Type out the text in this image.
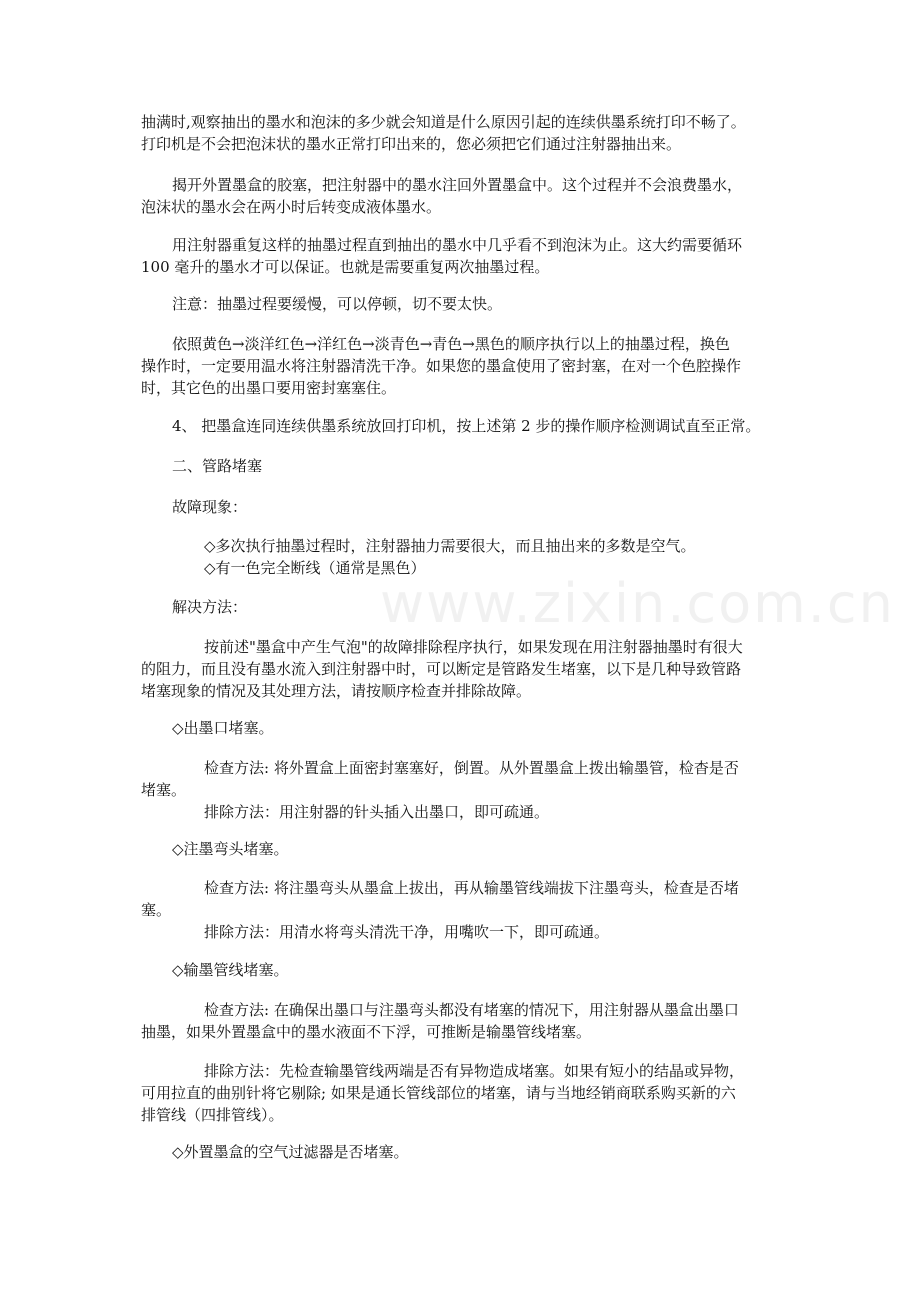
www.zixin.com.cn
抽满时,观察抽出的墨水和泡沫的多少就会知道是什么原因引起的连续供墨系统打印不畅了。
打印机是不会把泡沫状的墨水正常打印出来的，您必须把它们通过注射器抽出来。
揭开外置墨盒的胶塞，把注射器中的墨水注回外置墨盒中。这个过程并不会浪费墨水，
泡沫状的墨水会在两小时后转变成液体墨水。
用注射器重复这样的抽墨过程直到抽出的墨水中几乎看不到泡沫为止。这大约需要循环
100 毫升的墨水才可以保证。也就是需要重复两次抽墨过程。
注意：抽墨过程要缓慢，可以停顿，切不要太快。
依照黄色→淡洋红色→洋红色→淡青色→青色→黑色的顺序执行以上的抽墨过程，换色
操作时，一定要用温水将注射器清洗干净。如果您的墨盒使用了密封塞，在对一个色腔操作
时，其它色的出墨口要用密封塞塞住。
4、 把墨盒连同连续供墨系统放回打印机，按上述第 2 步的操作顺序检测调试直至正常。
二、管路堵塞
故障现象：
◇多次执行抽墨过程时，注射器抽力需要很大，而且抽出来的多数是空气。
◇有一色完全断线（通常是黑色）
解决方法：
按前述"墨盒中产生气泡"的故障排除程序执行，如果发现在用注射器抽墨时有很大
的阻力，而且没有墨水流入到注射器中时，可以断定是管路发生堵塞，以下是几种导致管路
堵塞现象的情况及其处理方法，请按顺序检查并排除故障。
◇出墨口堵塞。
检查方法: 将外置盒上面密封塞塞好，倒置。从外置墨盒上拨出输墨管，检杳是否
堵塞。
排除方法：用注射器的针头插入出墨口，即可疏通。
◇注墨弯头堵塞。
检查方法: 将注墨弯头从墨盒上拔出，再从输墨管线端拔下注墨弯头，检查是否堵
塞。
排除方法：用清水将弯头清洗干净，用嘴吹一下，即可疏通。
◇输墨管线堵塞。
检查方法: 在确保出墨口与注墨弯头都没有堵塞的情况下，用注射器从墨盒出墨口
抽墨，如果外置墨盒中的墨水液面不下浮，可推断是输墨管线堵塞。
排除方法：先检查输墨管线两端是否有异物造成堵塞。如果有短小的结晶或异物，
可用拉直的曲别针将它剔除; 如果是通长管线部位的堵塞，请与当地经销商联系购买新的六
排管线（四排管线）。
◇外置墨盒的空气过滤器是否堵塞。
